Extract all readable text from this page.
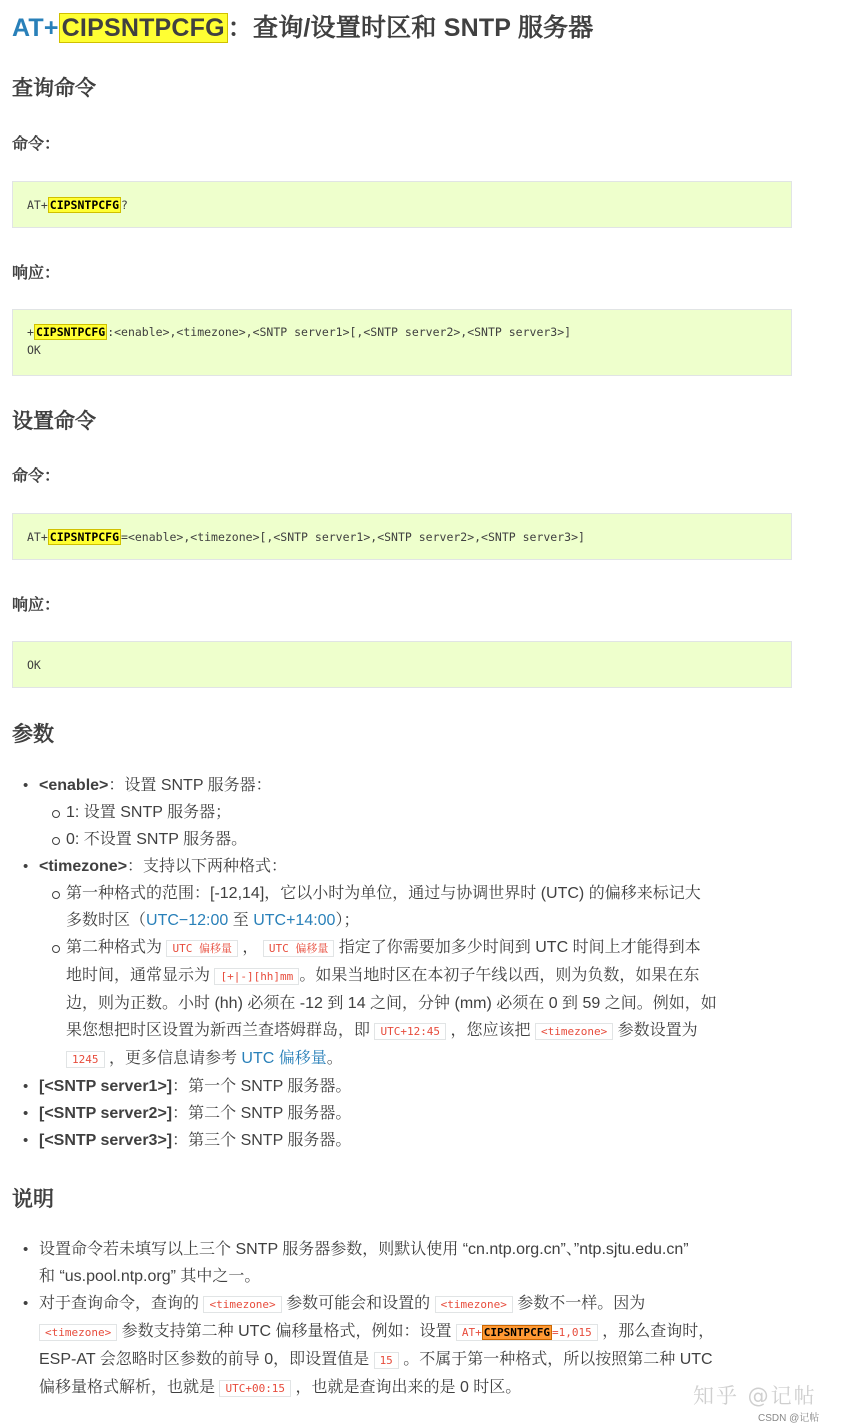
AT+ CIPSNTPCFG ：查询/设置时区和 SNTP 服务器
查询命令
命令：
AT+ CIPSNTPCFG ?
响应：
+ CIPSNTPCFG :<enable>,<timezone>,<SNTP server1>[,<SNTP server2>,<SNTP server3>]
OK
设置命令
命令：
AT+ CIPSNTPCFG =<enable>,<timezone>[,<SNTP server1>,<SNTP server2>,<SNTP server3>]
响应：
OK
参数
• <enable>：设置 SNTP 服务器：
1: 设置 SNTP 服务器；
0: 不设置 SNTP 服务器。
• <timezone>：支持以下两种格式：
第一种格式的范围：[-12,14]，它以小时为单位，通过与协调世界时 (UTC) 的偏移来标记大
多数时区（UTC−12:00 至 UTC+14:00）；
第二种格式为 UTC 偏移量 ， UTC 偏移量 指定了你需要加多少时间到 UTC 时间上才能得到本
地时间，通常显示为 [+|-][hh]mm 。如果当地时区在本初子午线以西，则为负数，如果在东
边，则为正数。小时 (hh) 必须在 -12 到 14 之间，分钟 (mm) 必须在 0 到 59 之间。例如，如
果您想把时区设置为新西兰查塔姆群岛，即 UTC+12:45 ，您应该把 <timezone> 参数设置为
1245 ，更多信息请参考 UTC 偏移量。
• [<SNTP server1>]：第一个 SNTP 服务器。
• [<SNTP server2>]：第二个 SNTP 服务器。
• [<SNTP server3>]：第三个 SNTP 服务器。
说明
• 设置命令若未填写以上三个 SNTP 服务器参数，则默认使用 “cn.ntp.org.cn”、”ntp.sjtu.edu.cn”
和 “us.pool.ntp.org” 其中之一。
• 对于查询命令，查询的 <timezone> 参数可能会和设置的 <timezone> 参数不一样。因为
<timezone> 参数支持第二种 UTC 偏移量格式，例如：设置 AT+ CIPSNTPCFG =1,015 ，那么查询时，
ESP-AT 会忽略时区参数的前导 0，即设置值是 15 。不属于第一种格式，所以按照第二种 UTC
偏移量格式解析，也就是 UTC+00:15 ，也就是查询出来的是 0 时区。	知乎 @记帖
CSDN @记帖
